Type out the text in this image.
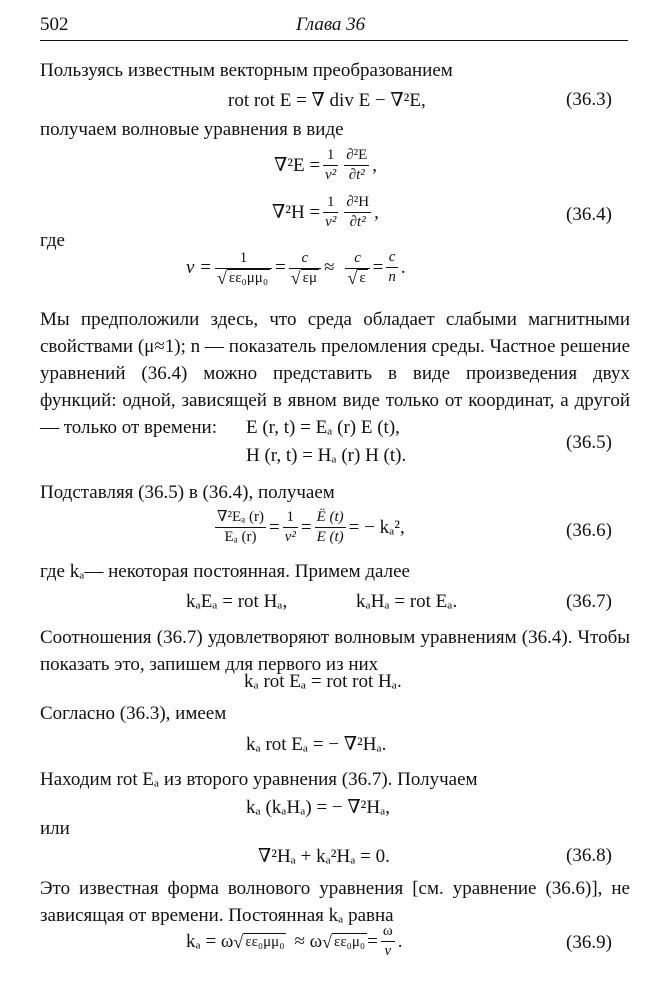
502	Глава 36
Пользуясь известным векторным преобразованием
rot rot E = ∇ div E − ∇²E,	(36.3)
получаем волновые уравнения в виде
$\nabla^2E = \frac{1}{\text{v²}} \frac{\text{∂²E}}{\text{∂t²}}$ ,
$\nabla^2H = \frac{1}{\text{v²}} \frac{\text{∂²H}}{\text{∂t²}}$ ,	(36.4)
где
$v = \frac{1}{\text{√ εε₀μμ₀}} = \frac{c}{√ \varepsilon\mu} \approx \frac{c}{√ \varepsilon} = \frac{c}{n}$ .
Мы предположили здесь, что среда обладает слабыми магнитными свойствами (μ≈1); n — показатель преломления среды. Частное решение уравнений (36.4) можно представить в виде произведения двух функций: одной, зависящей в явном виде только от координат, а другой — только от времени:	E (r, t) = Eₐ (r) E (t),
H (r, t) = Hₐ (r) H (t).
(36.5)
Подставляя (36.5) в (36.4), получаем
$\frac{\text{∇²Eₐ (r)}}{\text{Eₐ (r)}} = \frac{1}{\text{v²}} = \frac{Ë (t)}{E (t)}$ = − kₐ²,	(36.6)
где kₐ— некоторая постоянная. Примем далее
kₐEₐ = rot Hₐ,	kₐHₐ = rot Eₐ.	(36.7)
Соотношения (36.7) удовлетворяют волновым уравнениям (36.4). Чтобы показать это, запишем для первого из них
kₐ rot Eₐ = rot rot Hₐ.
Согласно (36.3), имеем
kₐ rot Eₐ = − ∇²Hₐ.
Находим rot Eₐ из второго уравнения (36.7). Получаем
kₐ (kₐHₐ) = − ∇²Hₐ,
или
∇²Hₐ + kₐ²Hₐ = 0.	(36.8)
Это известная форма волнового уравнения [см. уравнение (36.6)], не зависящая от времени. Постоянная kₐ равна
kₐ = ω √ εε₀μμ₀ ≈ ω √ $\varepsilon\varepsilon_0\mu_0 = \frac{\omega}{v}$ .	(36.9)
